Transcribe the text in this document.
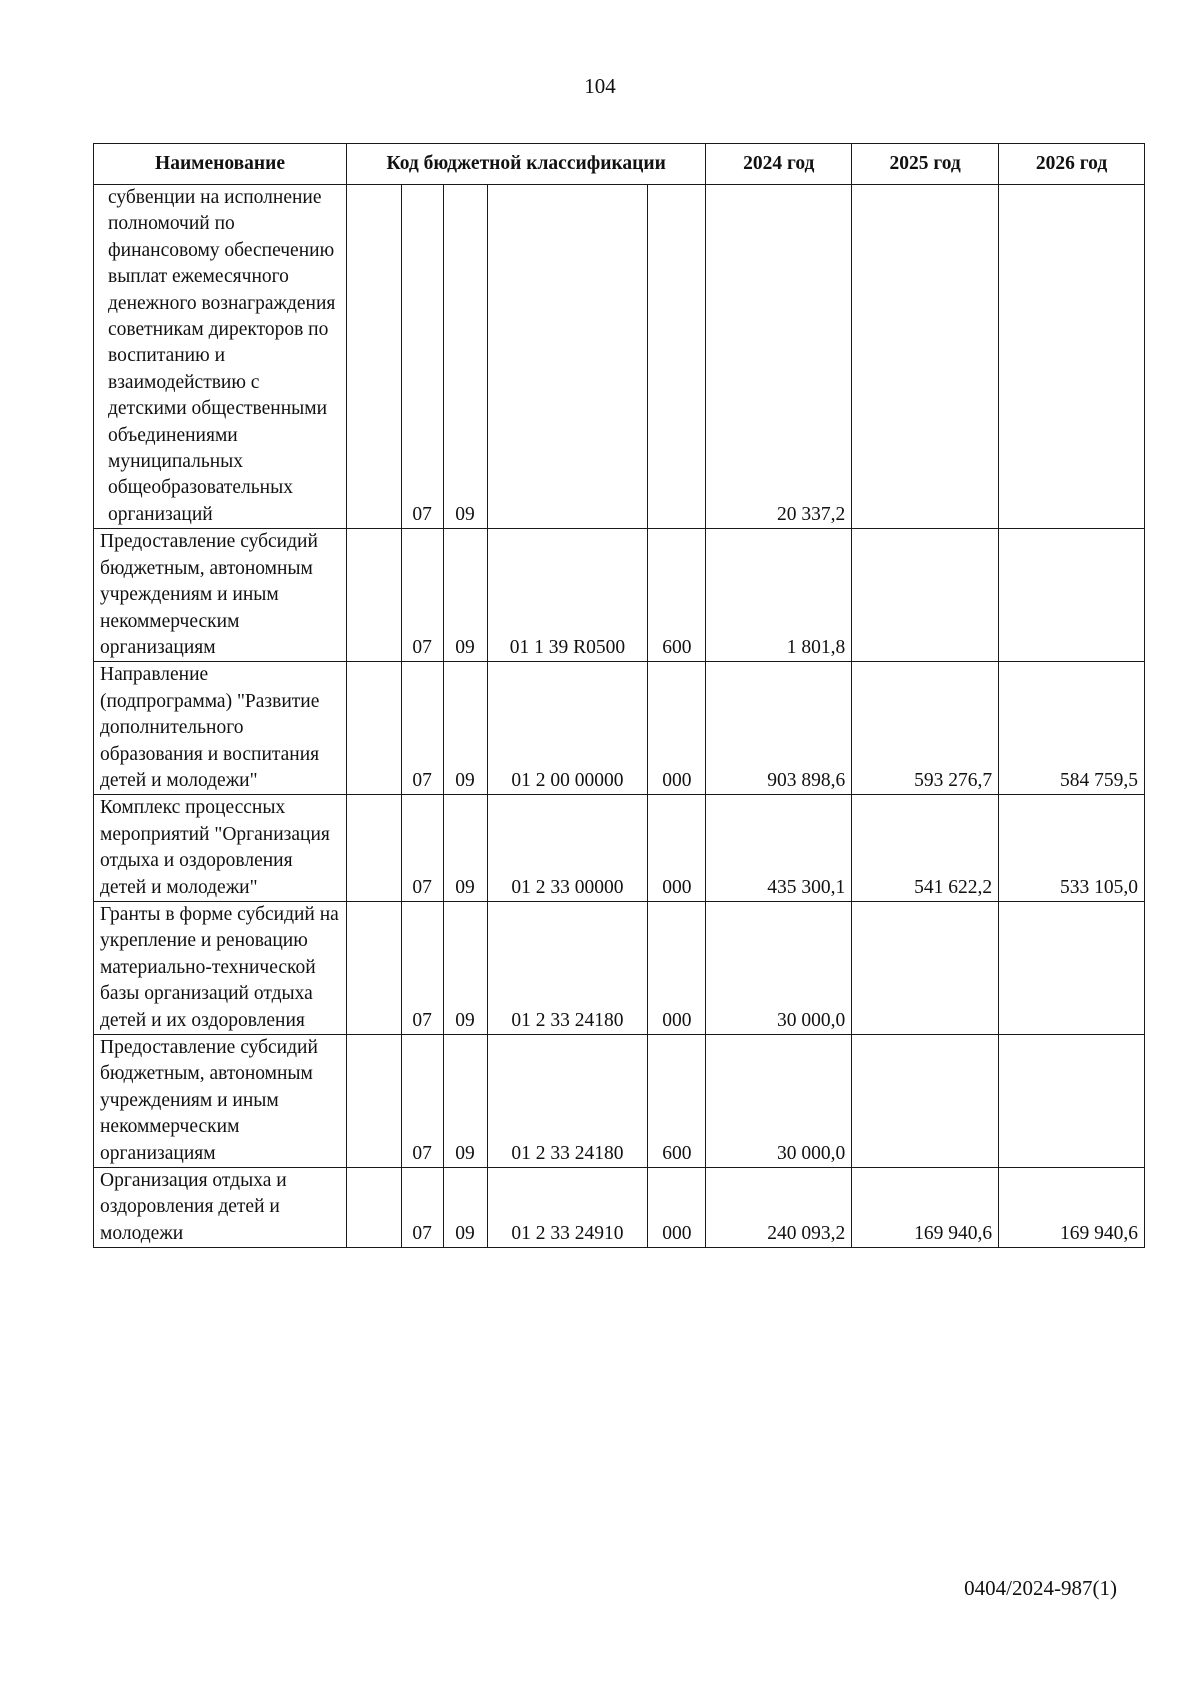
104
Наименование	Код бюджетной классификации					2024 год	2025 год	2026 год

субвенции на исполнение полномочий по финансовому обеспечению выплат ежемесячного денежного вознаграждения советникам директоров по воспитанию и взаимодействию с детскими общественными объединениями муниципальных общеобразовательных организаций		07	09			20 337,2		
Предоставление субсидий бюджетным, автономным учреждениям и иным некоммерческим организациям		07	09	01 1 39 R0500	600	1 801,8		
Направление (подпрограмма) "Развитие дополнительного образования и воспитания детей и молодежи"		07	09	01 2 00 00000	000	903 898,6	593 276,7	584 759,5
Комплекс процессных мероприятий "Организация отдыха и оздоровления детей и молодежи"		07	09	01 2 33 00000	000	435 300,1	541 622,2	533 105,0
Гранты в форме субсидий на укрепление и реновацию материально-технической базы организаций отдыха детей и их оздоровления		07	09	01 2 33 24180	000	30 000,0		
Предоставление субсидий бюджетным, автономным учреждениям и иным некоммерческим организациям		07	09	01 2 33 24180	600	30 000,0		
Организация отдыха и оздоровления детей и молодежи		07	09	01 2 33 24910	000	240 093,2	169 940,6	169 940,6
0404/2024-987(1)
